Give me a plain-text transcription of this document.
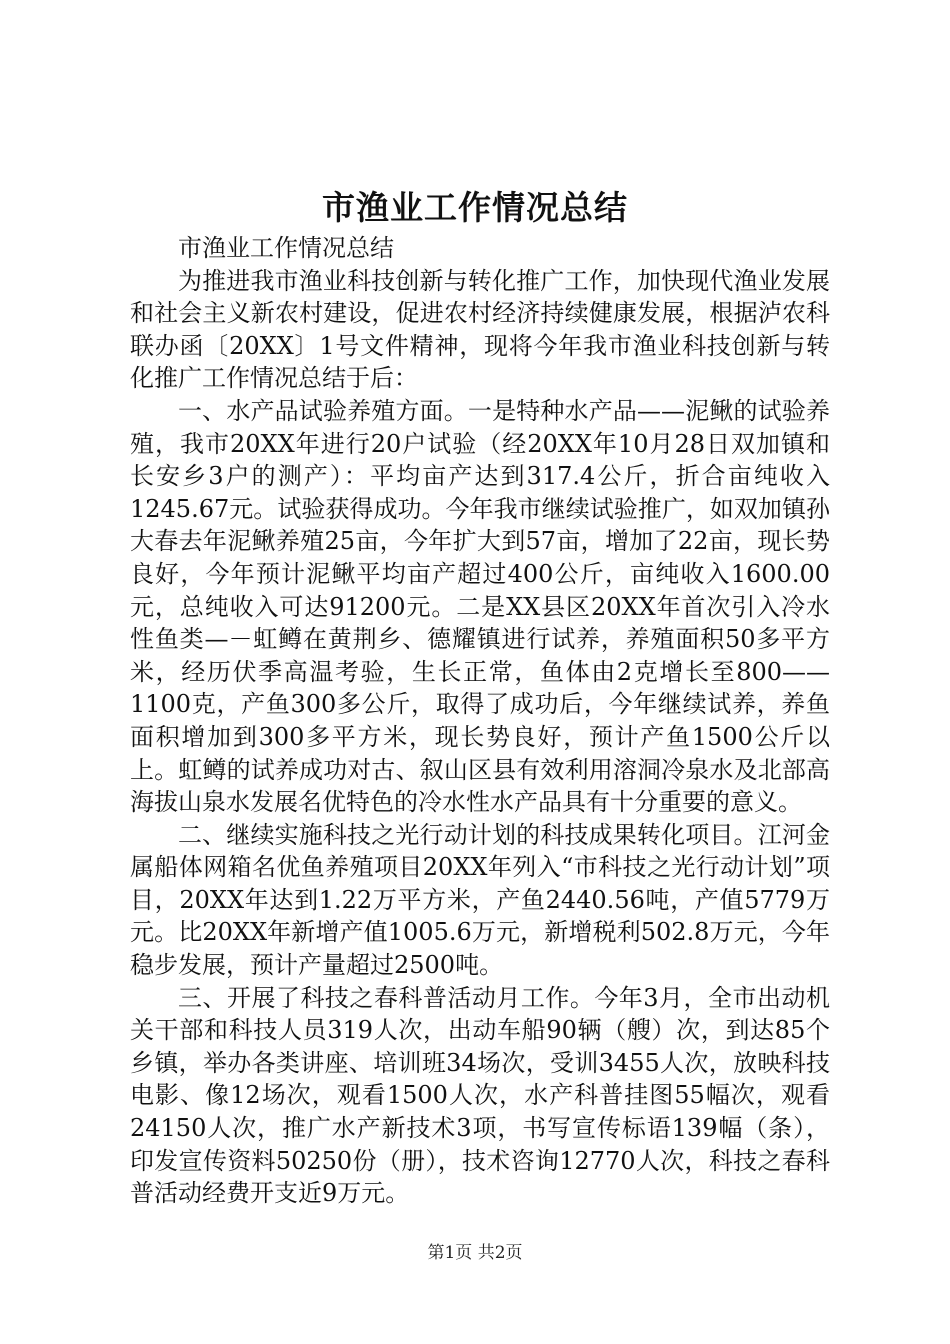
市渔业工作情况总结

市渔业工作情况总结

为推进我市渔业科技创新与转化推广工作，加快现代渔业发展和社会主义新农村建设，促进农村经济持续健康发展，根据泸农科联办函〔20XX〕1号文件精神，现将今年我市渔业科技创新与转化推广工作情况总结于后：

一、水产品试验养殖方面。一是特种水产品——泥鳅的试验养殖，我市20XX年进行20户试验（经20XX年10月28日双加镇和长安乡3户的测产）：平均亩产达到317.4公斤，折合亩纯收入1245.67元。试验获得成功。今年我市继续试验推广，如双加镇孙大春去年泥鳅养殖25亩，今年扩大到57亩，增加了22亩，现长势良好，今年预计泥鳅平均亩产超过400公斤，亩纯收入1600.00元，总纯收入可达91200元。二是XX县区20XX年首次引入冷水性鱼类—－虹鳟在黄荆乡、德耀镇进行试养，养殖面积50多平方米，经历伏季高温考验，生长正常，鱼体由2克增长至800——1100克，产鱼300多公斤，取得了成功后，今年继续试养，养鱼面积增加到300多平方米，现长势良好，预计产鱼1500公斤以上。虹鳟的试养成功对古、叙山区县有效利用溶洞冷泉水及北部高海拔山泉水发展名优特色的冷水性水产品具有十分重要的意义。

二、继续实施科技之光行动计划的科技成果转化项目。江河金属船体网箱名优鱼养殖项目20XX年列入“市科技之光行动计划”项目，20XX年达到1.22万平方米，产鱼2440.56吨，产值5779万元。比20XX年新增产值1005.6万元，新增税利502.8万元，今年稳步发展，预计产量超过2500吨。

三、开展了科技之春科普活动月工作。今年3月，全市出动机关干部和科技人员319人次，出动车船90辆（艘）次，到达85个乡镇，举办各类讲座、培训班34场次，受训3455人次，放映科技电影、像12场次，观看1500人次，水产科普挂图55幅次，观看24150人次，推广水产新技术3项，书写宣传标语139幅（条），印发宣传资料50250份（册），技术咨询12770人次，科技之春科普活动经费开支近9万元。

第1页 共2页
